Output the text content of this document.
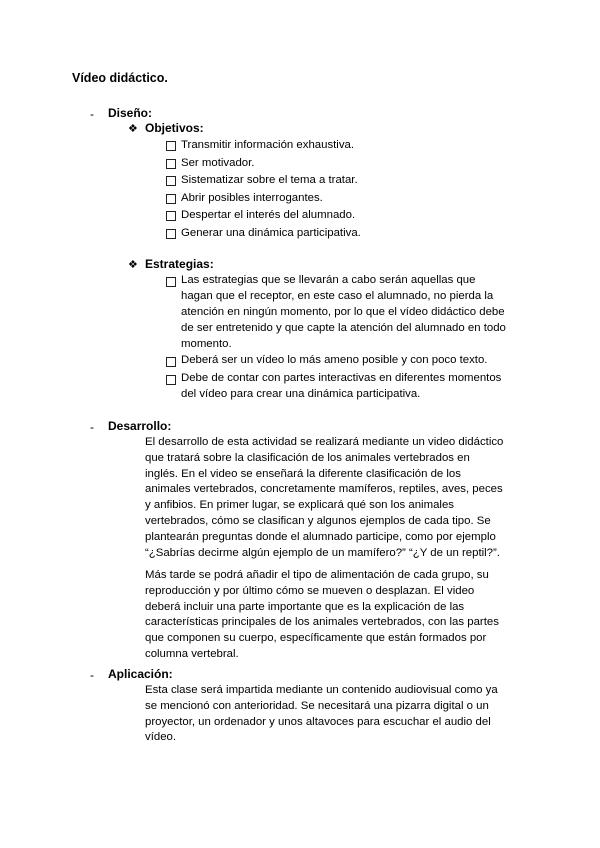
Vídeo didáctico.
- Diseño:
❖ Objetivos:
Transmitir información exhaustiva.
Ser motivador.
Sistematizar sobre el tema a tratar.
Abrir posibles interrogantes.
Despertar el interés del alumnado.
Generar una dinámica participativa.
❖ Estrategias:
Las estrategias que se llevarán a cabo serán aquellas que
hagan que el receptor, en este caso el alumnado, no pierda la
atención en ningún momento, por lo que el vídeo didáctico debe
de ser entretenido y que capte la atención del alumnado en todo
momento.
Deberá ser un vídeo lo más ameno posible y con poco texto.
Debe de contar con partes interactivas en diferentes momentos
del vídeo para crear una dinámica participativa.
- Desarrollo:
El desarrollo de esta actividad se realizará mediante un video didáctico
que tratará sobre la clasificación de los animales vertebrados en
inglés. En el video se enseñará la diferente clasificación de los
animales vertebrados, concretamente mamíferos, reptiles, aves, peces
y anfibios. En primer lugar, se explicará qué son los animales
vertebrados, cómo se clasifican y algunos ejemplos de cada tipo. Se
plantearán preguntas donde el alumnado participe, como por ejemplo
“¿Sabrías decirme algún ejemplo de un mamífero?” “¿Y de un reptil?”.
Más tarde se podrá añadir el tipo de alimentación de cada grupo, su
reproducción y por último cómo se mueven o desplazan. El video
deberá incluir una parte importante que es la explicación de las
características principales de los animales vertebrados, con las partes
que componen su cuerpo, específicamente que están formados por
columna vertebral.
- Aplicación:
Esta clase será impartida mediante un contenido audiovisual como ya
se mencionó con anterioridad. Se necesitará una pizarra digital o un
proyector, un ordenador y unos altavoces para escuchar el audio del
vídeo.
